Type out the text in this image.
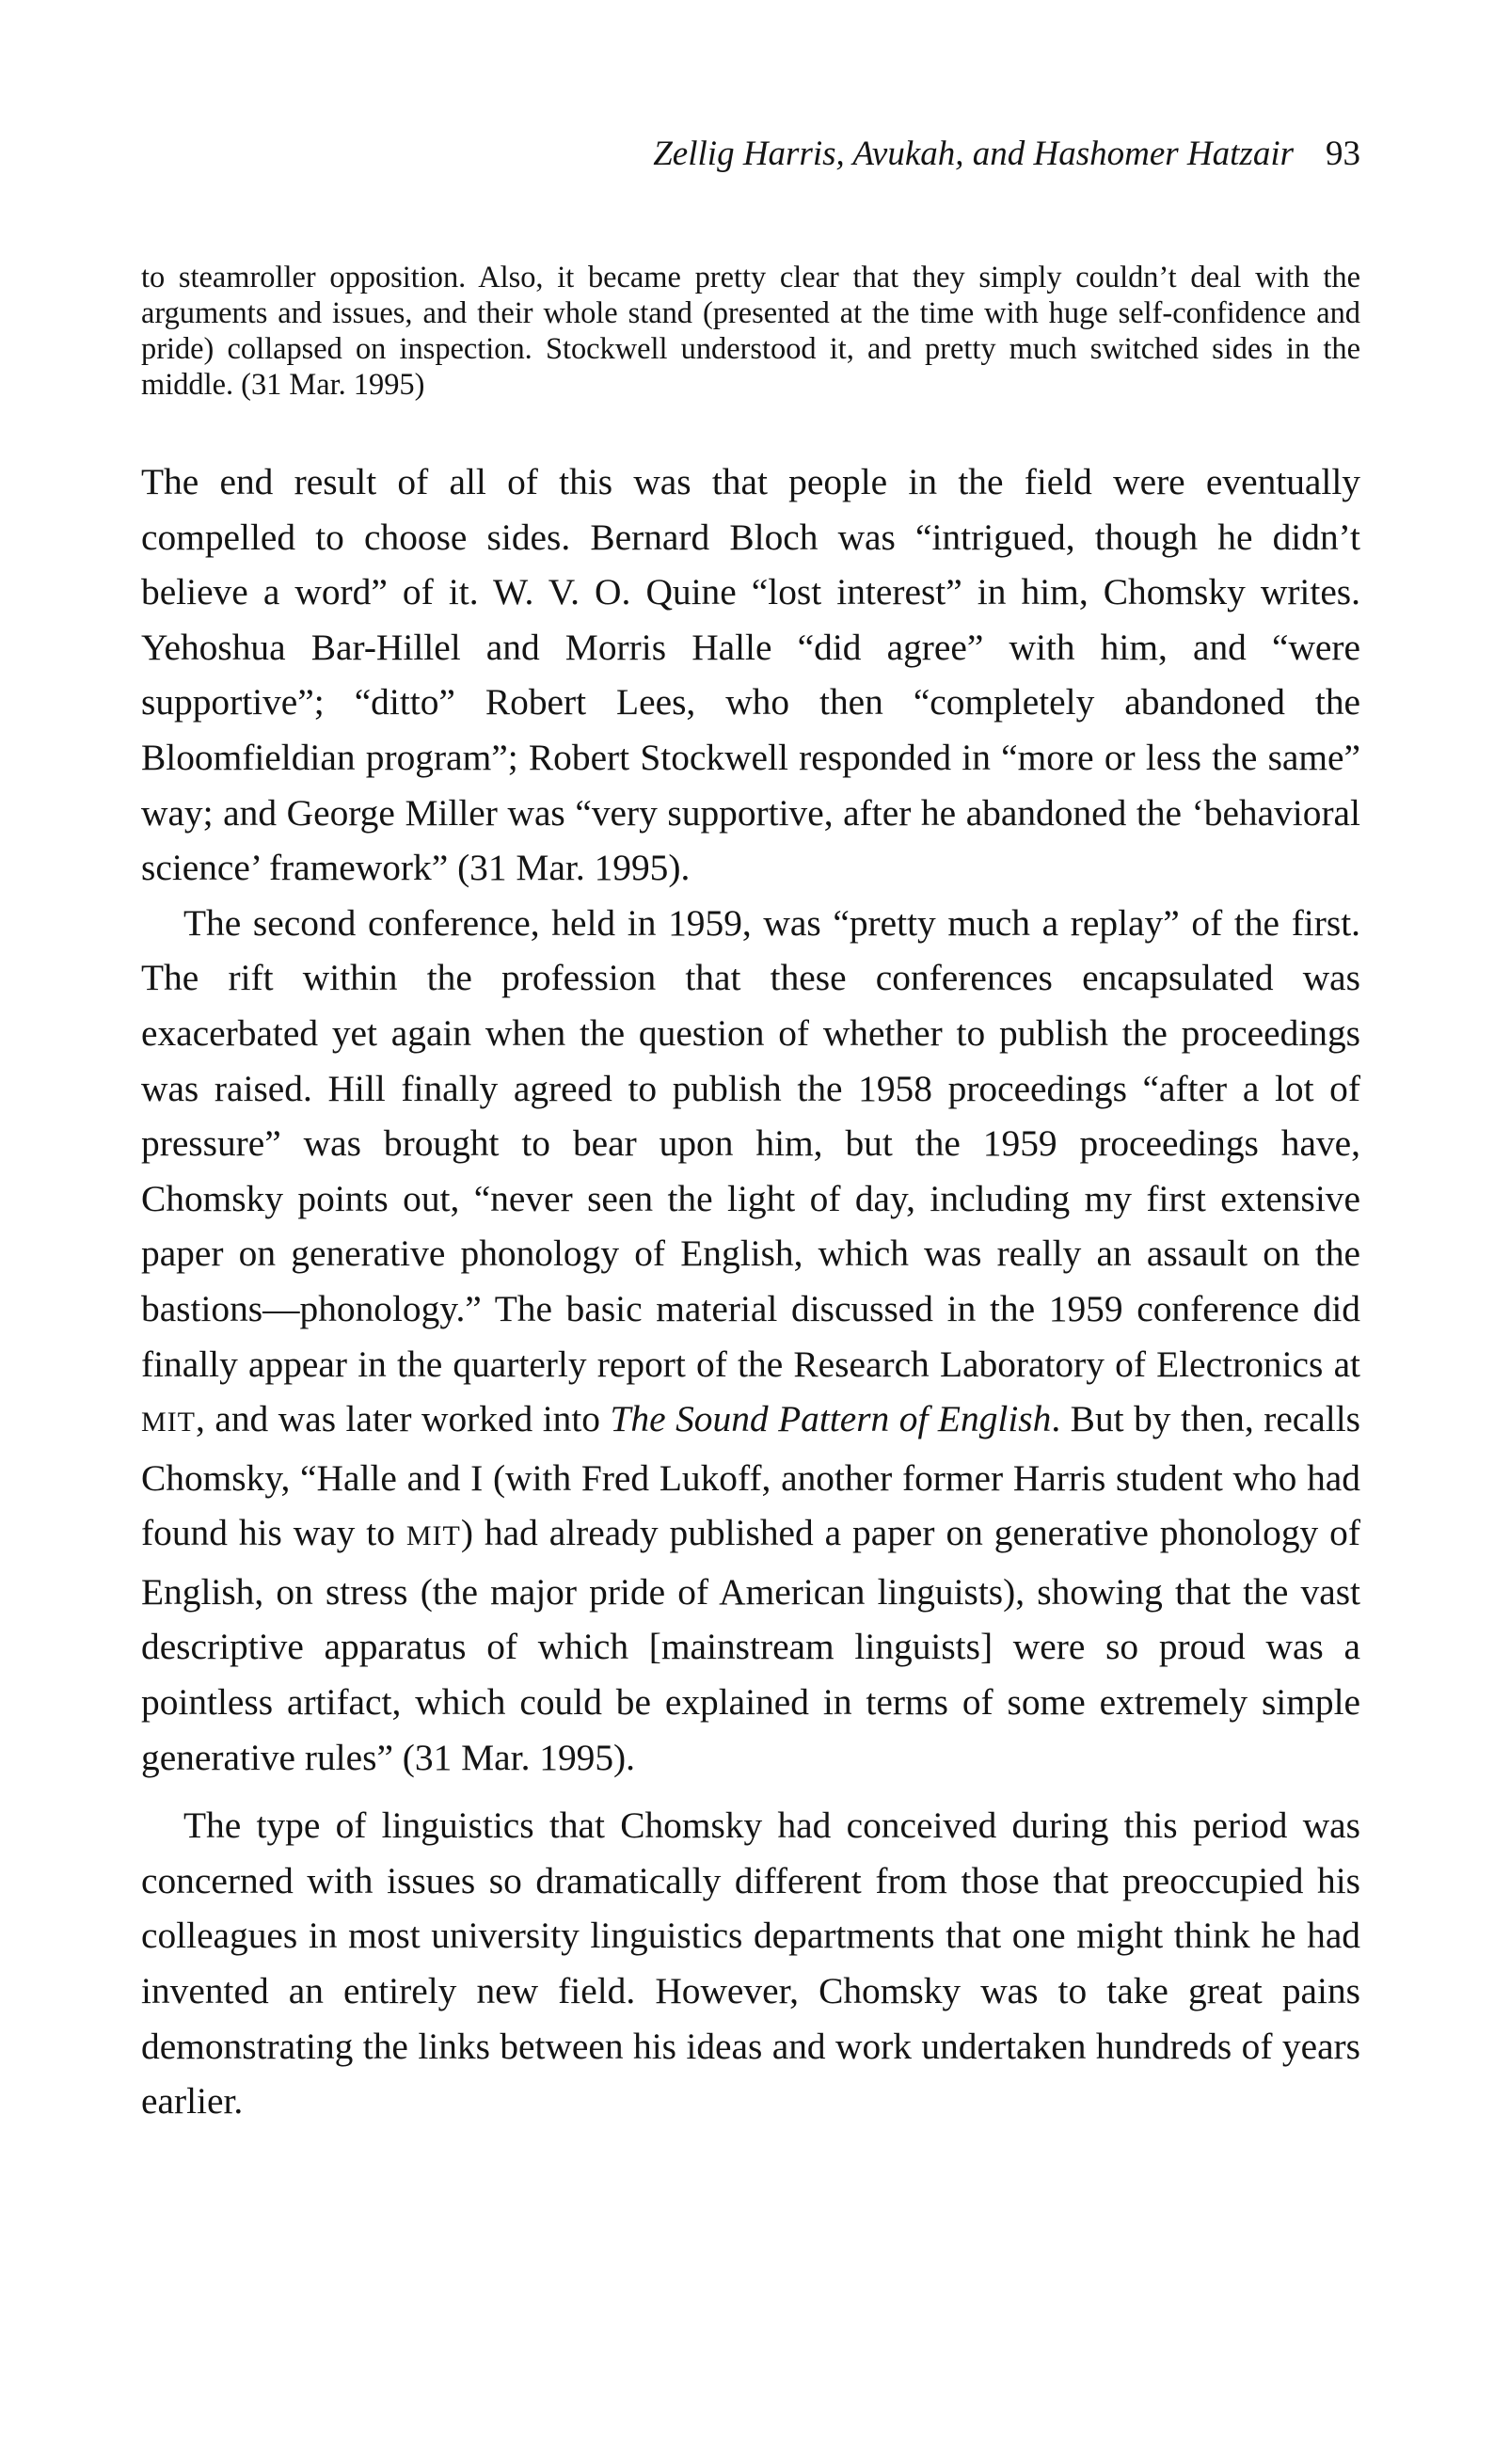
Zellig Harris, Avukah, and Hashomer Hatzair 93
to steamroller opposition. Also, it became pretty clear that they simply couldn’t deal with the arguments and issues, and their whole stand (presented at the time with huge self-confidence and pride) collapsed on inspection. Stockwell understood it, and pretty much switched sides in the middle. (31 Mar. 1995)

The end result of all of this was that people in the field were eventually compelled to choose sides. Bernard Bloch was “intrigued, though he didn’t believe a word” of it. W. V. O. Quine “lost interest” in him, Chomsky writes. Yehoshua Bar-Hillel and Morris Halle “did agree” with him, and “were supportive”; “ditto” Robert Lees, who then “completely abandoned the Bloomfieldian program”; Robert Stockwell responded in “more or less the same” way; and George Miller was “very supportive, after he abandoned the ‘behavioral science’ framework” (31 Mar. 1995).

The second conference, held in 1959, was “pretty much a replay” of the first. The rift within the profession that these conferences encapsulated was exacerbated yet again when the question of whether to publish the proceedings was raised. Hill finally agreed to publish the 1958 proceedings “after a lot of pressure” was brought to bear upon him, but the 1959 proceedings have, Chomsky points out, “never seen the light of day, including my first extensive paper on generative phonology of English, which was really an assault on the bastions—phonology.” The basic material discussed in the 1959 conference did finally appear in the quarterly report of the Research Laboratory of Electronics at MIT, and was later worked into The Sound Pattern of English. But by then, recalls Chomsky, “Halle and I (with Fred Lukoff, another former Harris student who had found his way to MIT) had already published a paper on generative phonology of English, on stress (the major pride of American linguists), showing that the vast descriptive apparatus of which [mainstream linguists] were so proud was a pointless artifact, which could be explained in terms of some extremely simple generative rules” (31 Mar. 1995).

The type of linguistics that Chomsky had conceived during this period was concerned with issues so dramatically different from those that preoccupied his colleagues in most university linguistics departments that one might think he had invented an entirely new field. However, Chomsky was to take great pains demonstrating the links between his ideas and work undertaken hundreds of years earlier.
